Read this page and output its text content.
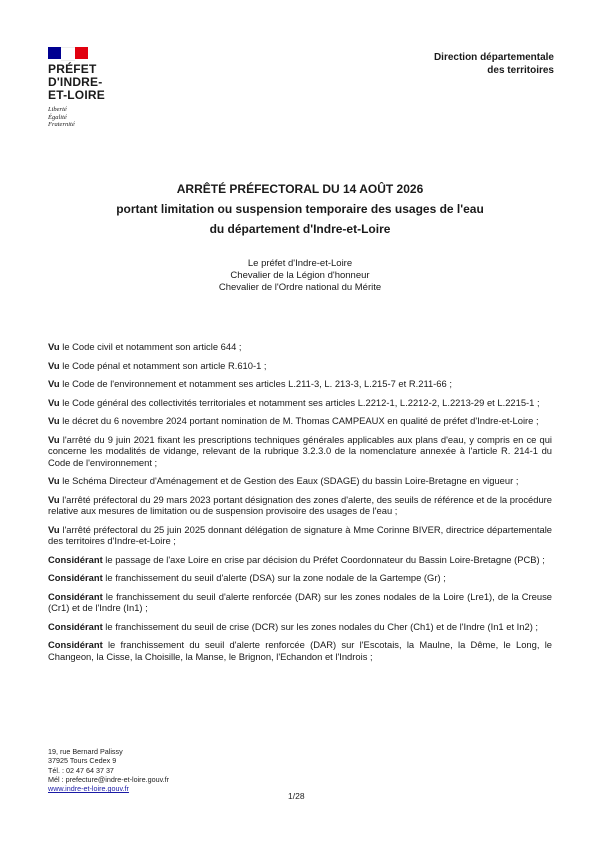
PRÉFET
D'INDRE-
ET-LOIRE
Liberté
Égalité
Fraternité
Direction départementale
des territoires
ARRÊTÉ PRÉFECTORAL DU 14 AOÛT 2026
portant limitation ou suspension temporaire des usages de l'eau
du département d'Indre-et-Loire
Le préfet d'Indre-et-Loire
Chevalier de la Légion d'honneur
Chevalier de l'Ordre national du Mérite

Vu le Code civil et notamment son article 644 ;

Vu le Code pénal et notamment son article R.610-1 ;

Vu le Code de l'environnement et notamment ses articles L.211-3, L. 213-3, L.215-7 et R.211-66 ;

Vu le Code général des collectivités territoriales et notamment ses articles L.2212-1, L.2212-2, L.2213-29 et L.2215-1 ;

Vu le décret du 6 novembre 2024 portant nomination de M. Thomas CAMPEAUX en qualité de préfet d'Indre-et-Loire ;

Vu l'arrêté du 9 juin 2021 fixant les prescriptions techniques générales applicables aux plans d'eau, y compris en ce qui concerne les modalités de vidange, relevant de la rubrique 3.2.3.0 de la nomenclature annexée à l'article R. 214-1 du Code de l'environnement ;

Vu le Schéma Directeur d'Aménagement et de Gestion des Eaux (SDAGE) du bassin Loire-Bretagne en vigueur ;

Vu l'arrêté préfectoral du 29 mars 2023 portant désignation des zones d'alerte, des seuils de référence et de la procédure relative aux mesures de limitation ou de suspension provisoire des usages de l'eau ;

Vu l'arrêté préfectoral du 25 juin 2025 donnant délégation de signature à Mme Corinne BIVER, directrice départementale des territoires d'Indre-et-Loire ;

Considérant le passage de l'axe Loire en crise par décision du Préfet Coordonnateur du Bassin Loire-Bretagne (PCB) ;

Considérant le franchissement du seuil d'alerte (DSA) sur la zone nodale de la Gartempe (Gr) ;

Considérant le franchissement du seuil d'alerte renforcée (DAR) sur les zones nodales de la Loire (Lre1), de la Creuse (Cr1) et de l'Indre (In1) ;

Considérant le franchissement du seuil de crise (DCR) sur les zones nodales du Cher (Ch1) et de l'Indre (In1 et In2) ;

Considérant le franchissement du seuil d'alerte renforcée (DAR) sur l'Escotais, la Maulne, la Dême, le Long, le Changeon, la Cisse, la Choisille, la Manse, le Brignon, l'Echandon et l'Indrois ;

19, rue Bernard Palissy
37925 Tours Cedex 9
Tél. : 02 47 64 37 37
Mél : prefecture@indre-et-loire.gouv.fr
www.indre-et-loire.gouv.fr
1/28
